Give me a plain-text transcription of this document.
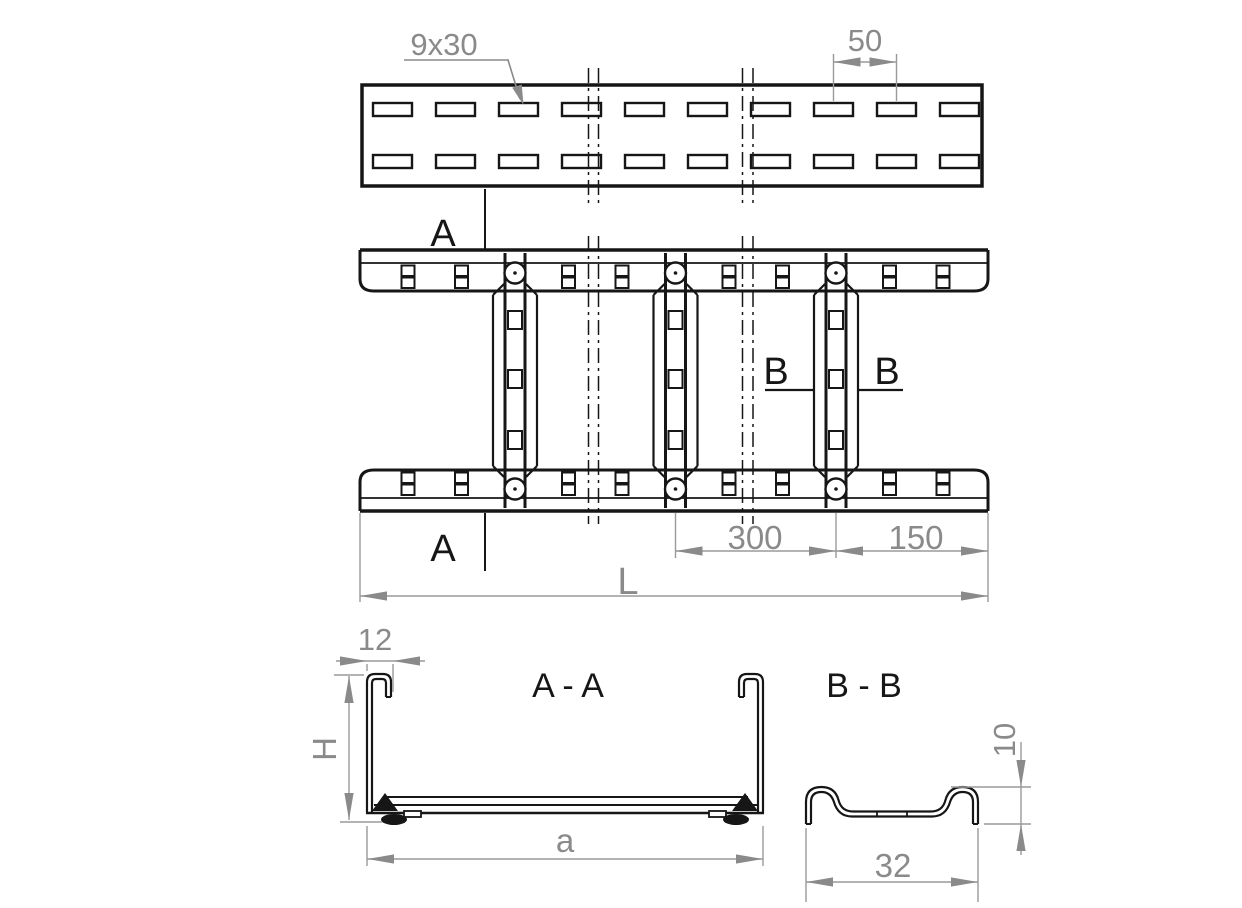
9x30	50
A
A
B B
300	150
L
A - A	B - B
12
H
a
32
10
